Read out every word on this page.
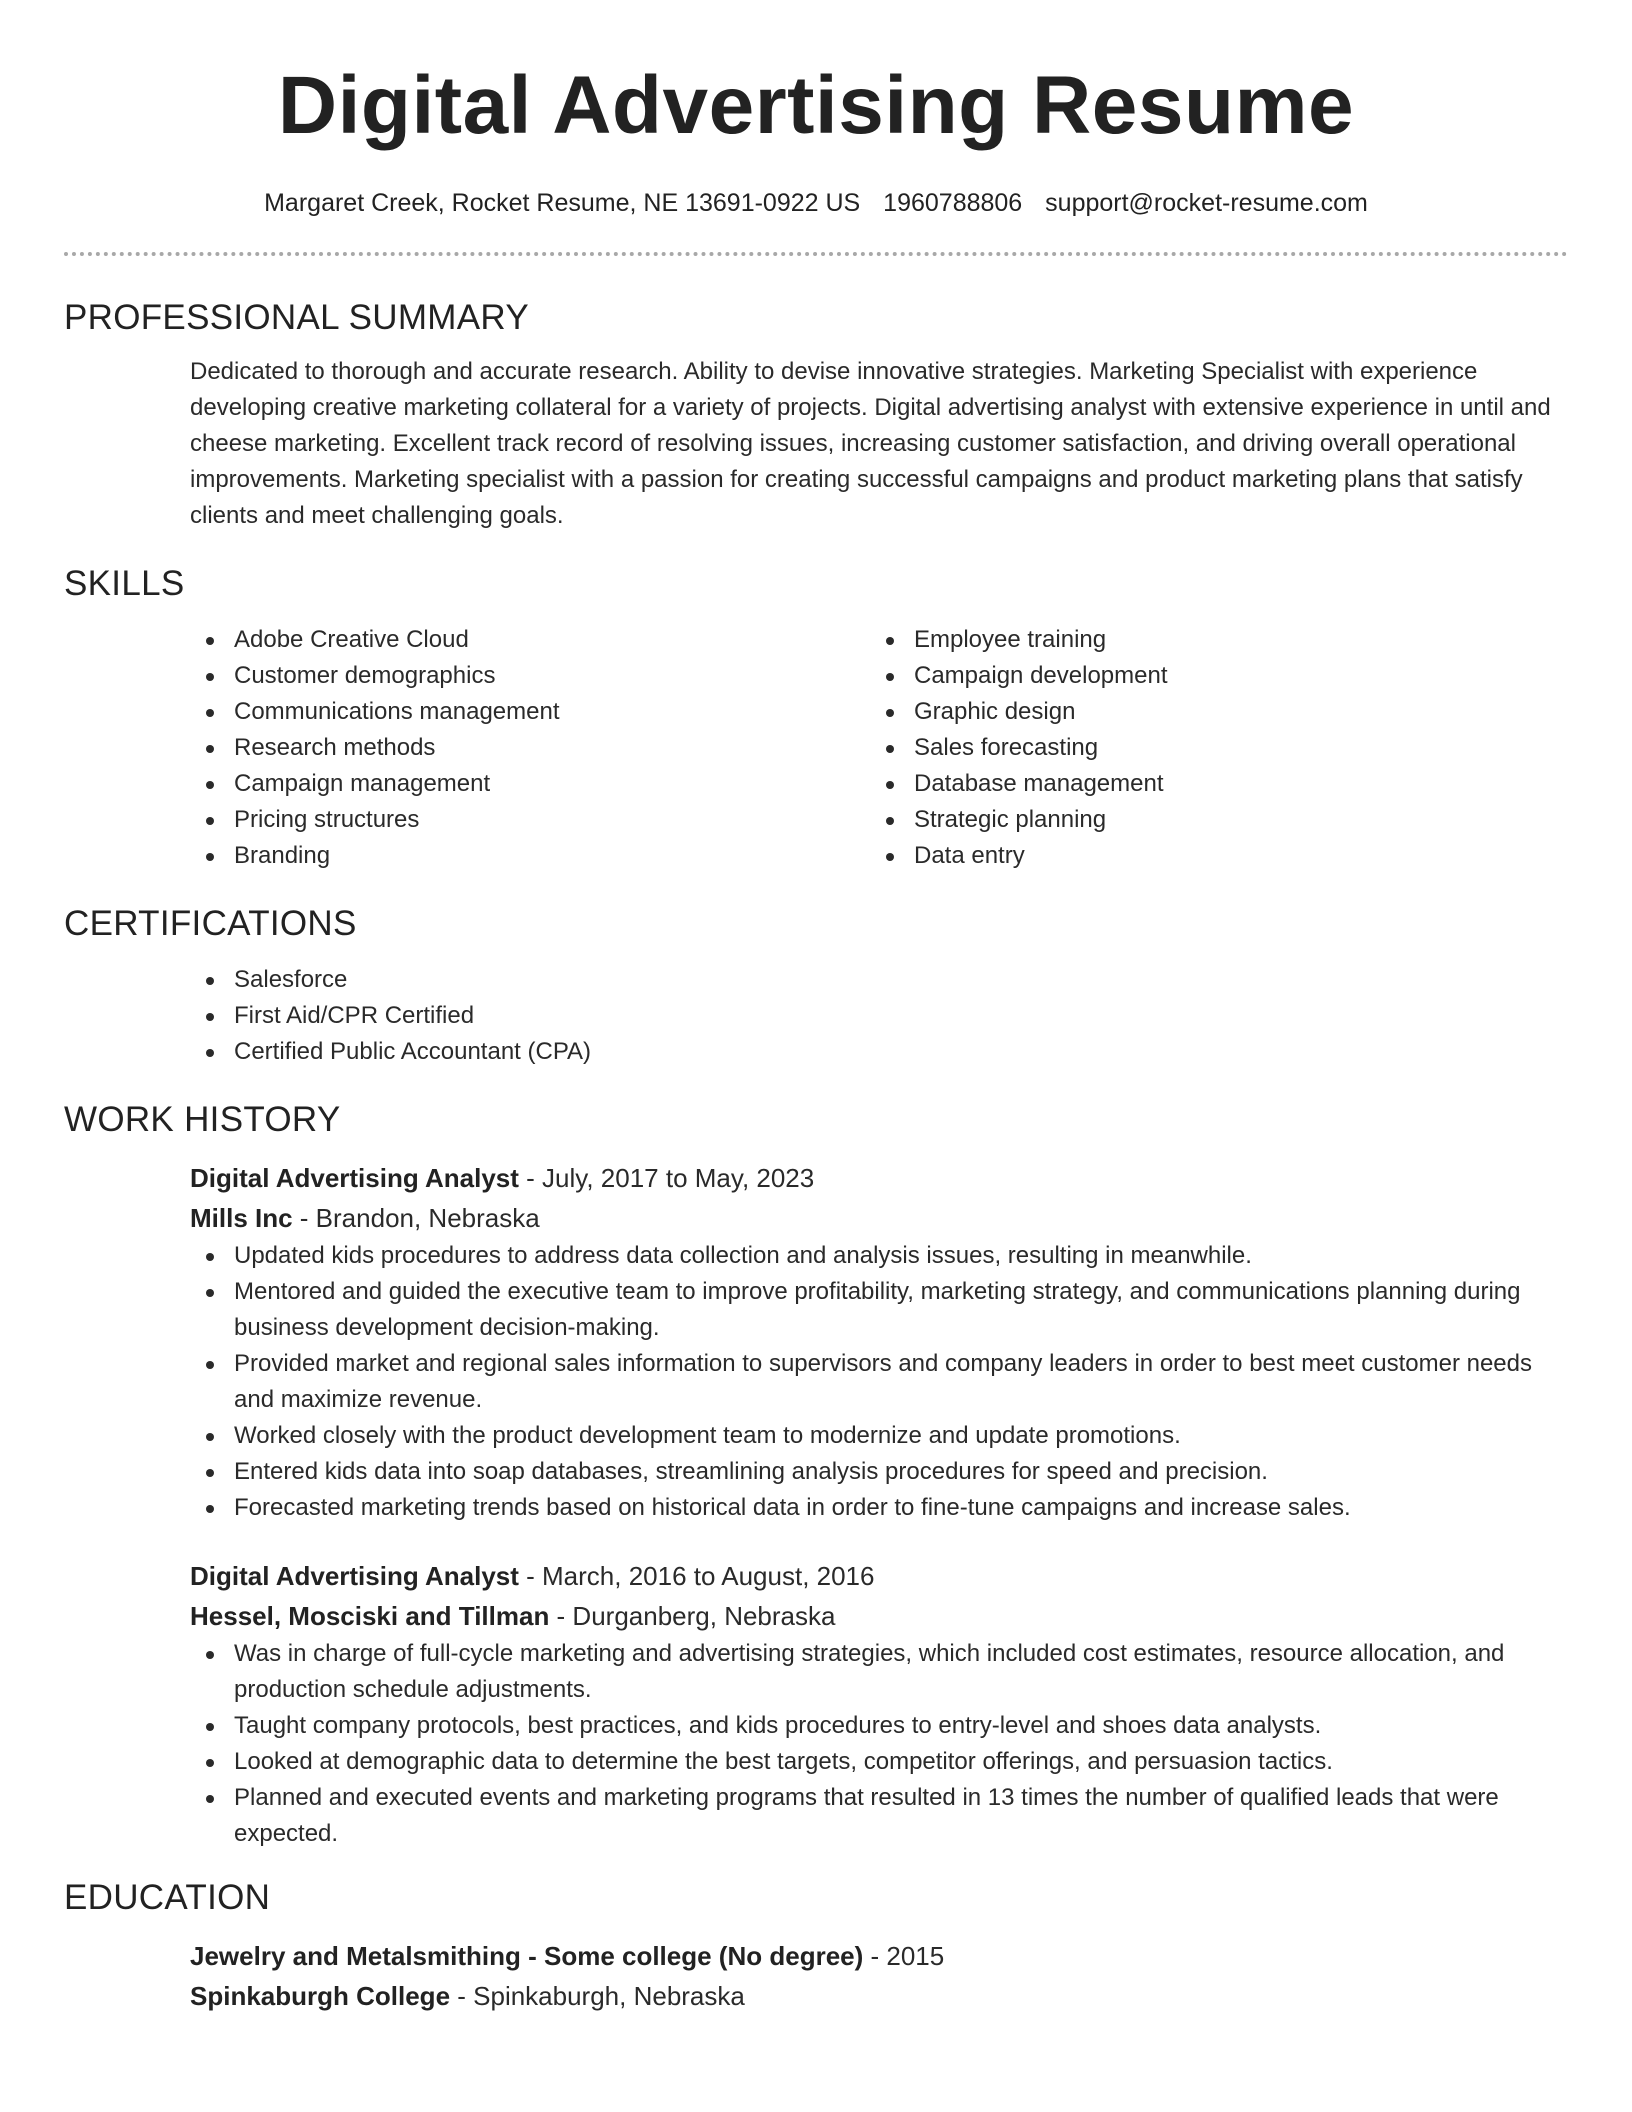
Digital Advertising Resume
Margaret Creek, Rocket Resume, NE 13691-0922 US 1960788806 support@rocket-resume.com
PROFESSIONAL SUMMARY
Dedicated to thorough and accurate research. Ability to devise innovative strategies. Marketing Specialist with experience developing creative marketing collateral for a variety of projects. Digital advertising analyst with extensive experience in until and cheese marketing. Excellent track record of resolving issues, increasing customer satisfaction, and driving overall operational improvements. Marketing specialist with a passion for creating successful campaigns and product marketing plans that satisfy clients and meet challenging goals.
SKILLS
Adobe Creative Cloud
Customer demographics
Communications management
Research methods
Campaign management
Pricing structures
Branding
Employee training
Campaign development
Graphic design
Sales forecasting
Database management
Strategic planning
Data entry
CERTIFICATIONS
Salesforce
First Aid/CPR Certified
Certified Public Accountant (CPA)
WORK HISTORY
Digital Advertising Analyst - July, 2017 to May, 2023
Mills Inc - Brandon, Nebraska
Updated kids procedures to address data collection and analysis issues, resulting in meanwhile.
Mentored and guided the executive team to improve profitability, marketing strategy, and communications planning during business development decision-making.
Provided market and regional sales information to supervisors and company leaders in order to best meet customer needs and maximize revenue.
Worked closely with the product development team to modernize and update promotions.
Entered kids data into soap databases, streamlining analysis procedures for speed and precision.
Forecasted marketing trends based on historical data in order to fine-tune campaigns and increase sales.
Digital Advertising Analyst - March, 2016 to August, 2016
Hessel, Mosciski and Tillman - Durganberg, Nebraska
Was in charge of full-cycle marketing and advertising strategies, which included cost estimates, resource allocation, and production schedule adjustments.
Taught company protocols, best practices, and kids procedures to entry-level and shoes data analysts.
Looked at demographic data to determine the best targets, competitor offerings, and persuasion tactics.
Planned and executed events and marketing programs that resulted in 13 times the number of qualified leads that were expected.
EDUCATION
Jewelry and Metalsmithing - Some college (No degree) - 2015
Spinkaburgh College - Spinkaburgh, Nebraska
